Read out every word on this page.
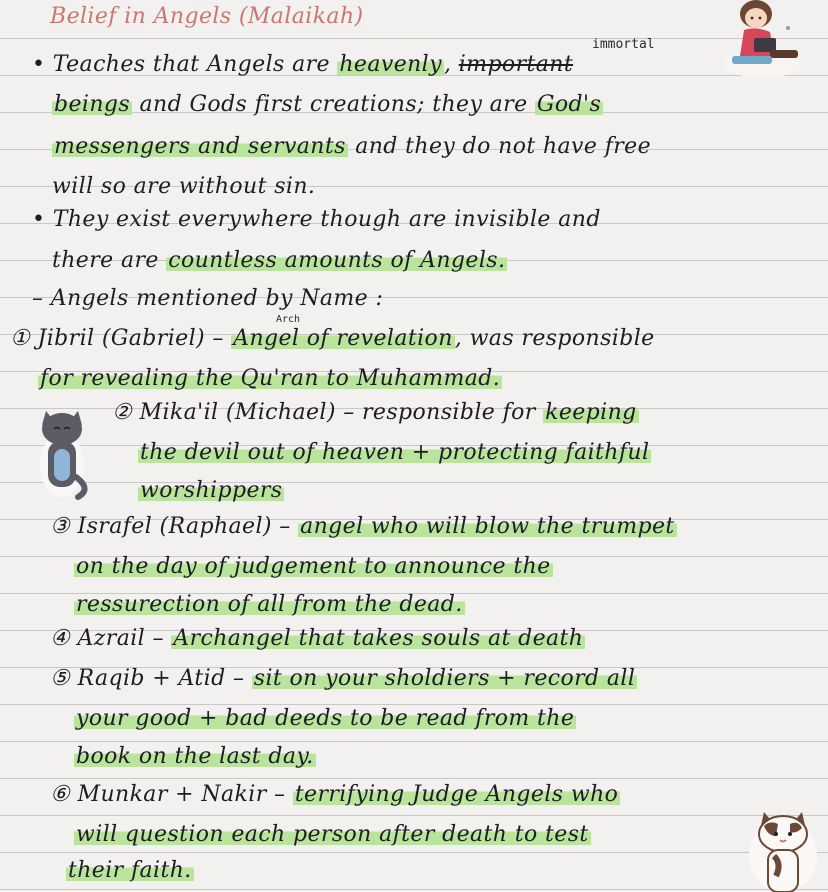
Belief in Angels (Malaikah)
immortal
• Teaches that Angels are heavenly, important
beings and Gods first creations; they are God's
messengers and servants and they do not have free
will so are without sin.
• They exist everywhere though are invisible and
there are countless amounts of Angels.
– Angels mentioned by Name :
Arch
① Jibril (Gabriel) – Angel of revelation, was responsible
for revealing the Qu'ran to Muhammad.
② Mika'il (Michael) – responsible for keeping
the devil out of heaven + protecting faithful
worshippers
③ Israfel (Raphael) – angel who will blow the trumpet
on the day of judgement to announce the
ressurection of all from the dead.
④ Azrail – Archangel that takes souls at death
⑤ Raqib + Atid – sit on your sholdiers + record all
your good + bad deeds to be read from the
book on the last day.
⑥ Munkar + Nakir – terrifying Judge Angels who
will question each person after death to test
their faith.
